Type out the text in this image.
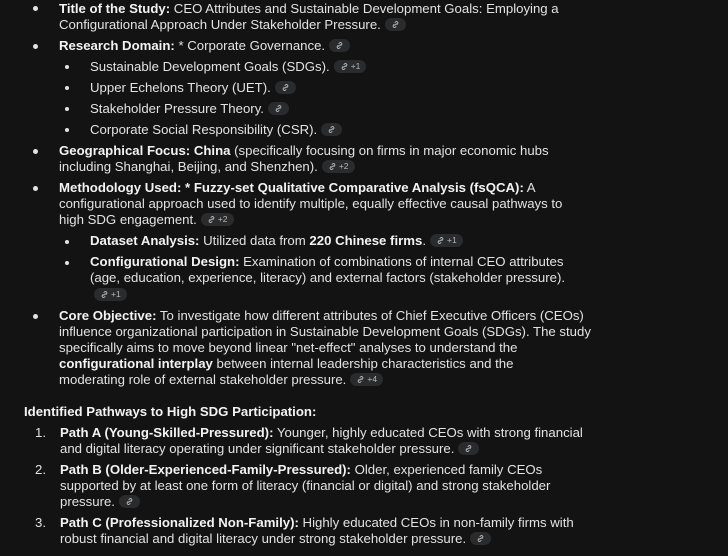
Title of the Study: CEO Attributes and Sustainable Development Goals: Employing a
Configurational Approach Under Stakeholder Pressure.
Research Domain: * Corporate Governance.
Sustainable Development Goals (SDGs). +1
Upper Echelons Theory (UET).
Stakeholder Pressure Theory.
Corporate Social Responsibility (CSR).
Geographical Focus: China (specifically focusing on firms in major economic hubs
including Shanghai, Beijing, and Shenzhen). +2
Methodology Used: * Fuzzy-set Qualitative Comparative Analysis (fsQCA): A
configurational approach used to identify multiple, equally effective causal pathways to
high SDG engagement. +2
Dataset Analysis: Utilized data from 220 Chinese firms. +1
Configurational Design: Examination of combinations of internal CEO attributes
(age, education, experience, literacy) and external factors (stakeholder pressure).
+1
Core Objective: To investigate how different attributes of Chief Executive Officers (CEOs)
influence organizational participation in Sustainable Development Goals (SDGs). The study
specifically aims to move beyond linear "net-effect" analyses to understand the
configurational interplay between internal leadership characteristics and the
moderating role of external stakeholder pressure. +4
Identified Pathways to High SDG Participation:
1. Path A (Young-Skilled-Pressured): Younger, highly educated CEOs with strong financial
and digital literacy operating under significant stakeholder pressure.
2. Path B (Older-Experienced-Family-Pressured): Older, experienced family CEOs
supported by at least one form of literacy (financial or digital) and strong stakeholder
pressure.
3. Path C (Professionalized Non-Family): Highly educated CEOs in non-family firms with
robust financial and digital literacy under strong stakeholder pressure.
